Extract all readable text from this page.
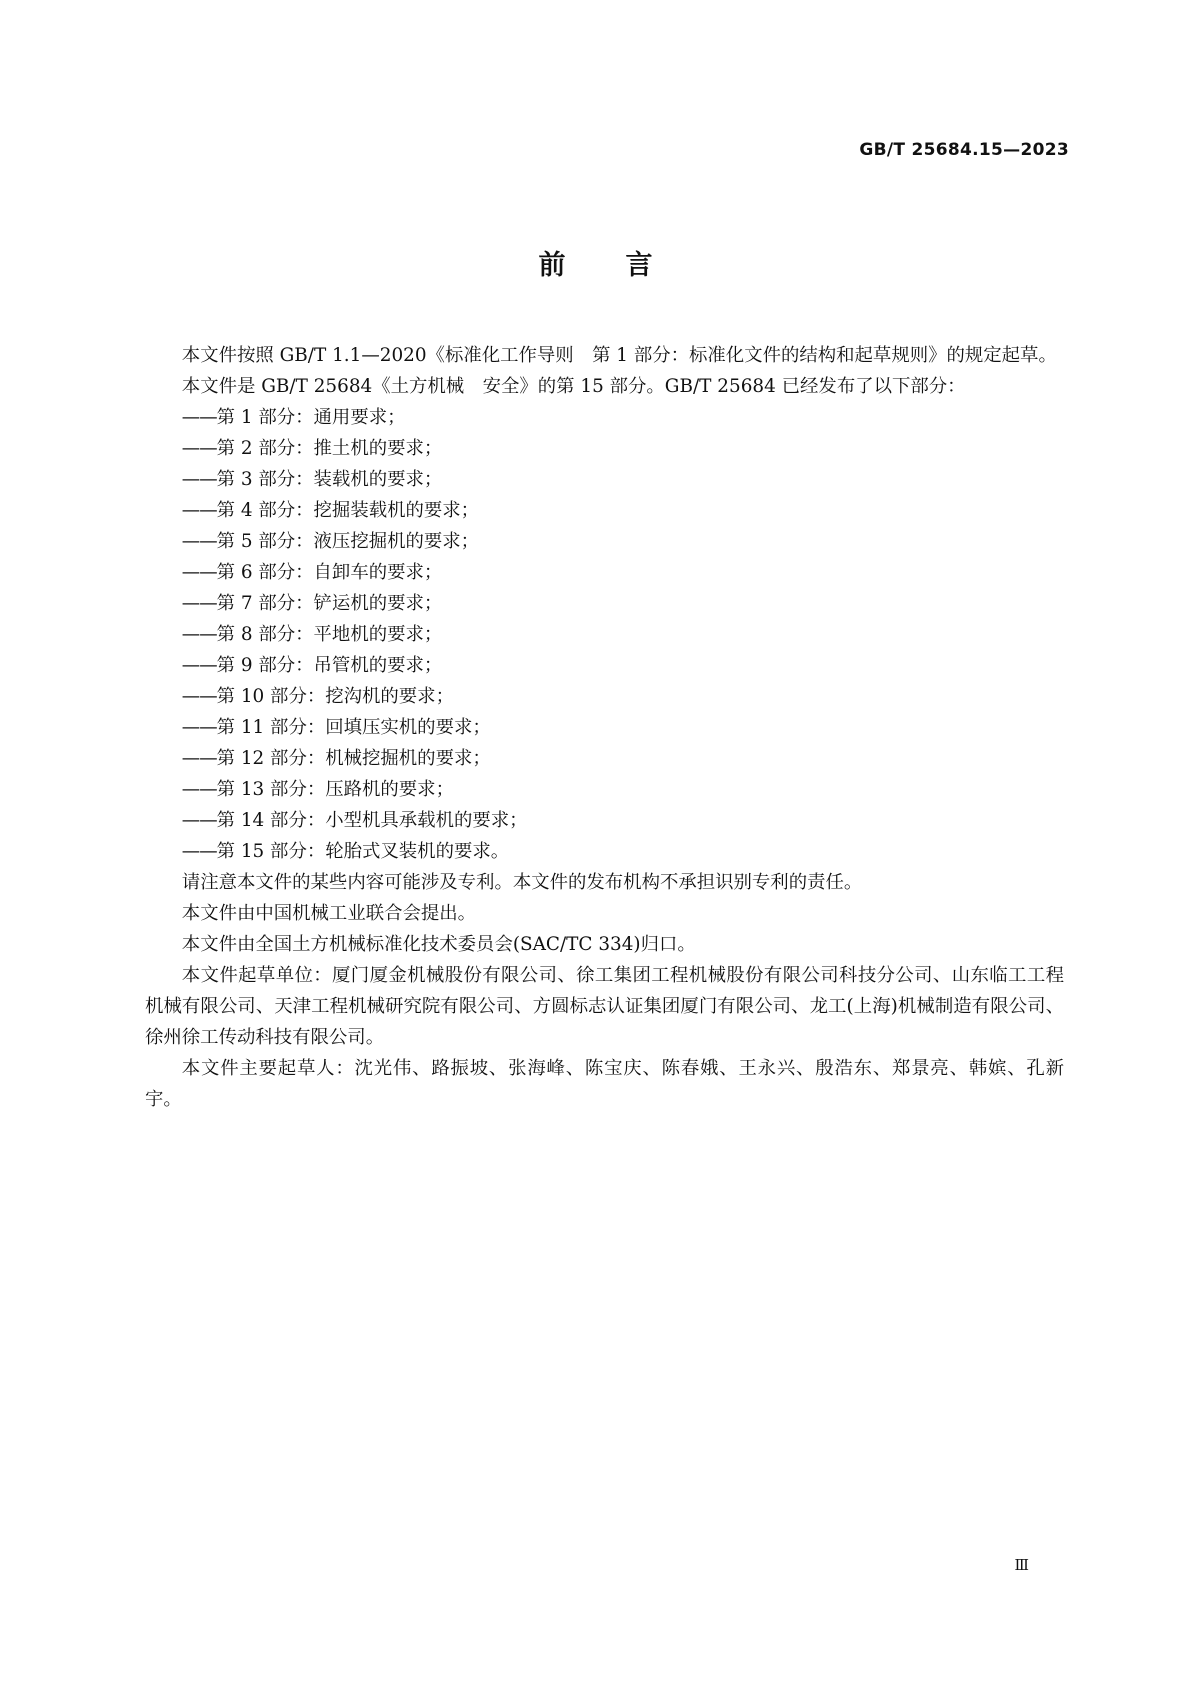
GB/T 25684.15—2023
前 言

本文件按照 GB/T 1.1—2020《标准化工作导则　第 1 部分：标准化文件的结构和起草规则》的规定起草。

本文件是 GB/T 25684《土方机械　安全》的第 15 部分。GB/T 25684 已经发布了以下部分：

——第 1 部分：通用要求；
——第 2 部分：推土机的要求；
——第 3 部分：装载机的要求；
——第 4 部分：挖掘装载机的要求；
——第 5 部分：液压挖掘机的要求；
——第 6 部分：自卸车的要求；
——第 7 部分：铲运机的要求；
——第 8 部分：平地机的要求；
——第 9 部分：吊管机的要求；
——第 10 部分：挖沟机的要求；
——第 11 部分：回填压实机的要求；
——第 12 部分：机械挖掘机的要求；
——第 13 部分：压路机的要求；
——第 14 部分：小型机具承载机的要求；
——第 15 部分：轮胎式叉装机的要求。

请注意本文件的某些内容可能涉及专利。本文件的发布机构不承担识别专利的责任。

本文件由中国机械工业联合会提出。

本文件由全国土方机械标准化技术委员会(SAC/TC 334)归口。

本文件起草单位：厦门厦金机械股份有限公司、徐工集团工程机械股份有限公司科技分公司、山东临工工程机械有限公司、天津工程机械研究院有限公司、方圆标志认证集团厦门有限公司、龙工(上海)机械制造有限公司、徐州徐工传动科技有限公司。

本文件主要起草人：沈光伟、路振坡、张海峰、陈宝庆、陈春娥、王永兴、殷浩东、郑景亮、韩嫔、孔新宇。

Ⅲ
